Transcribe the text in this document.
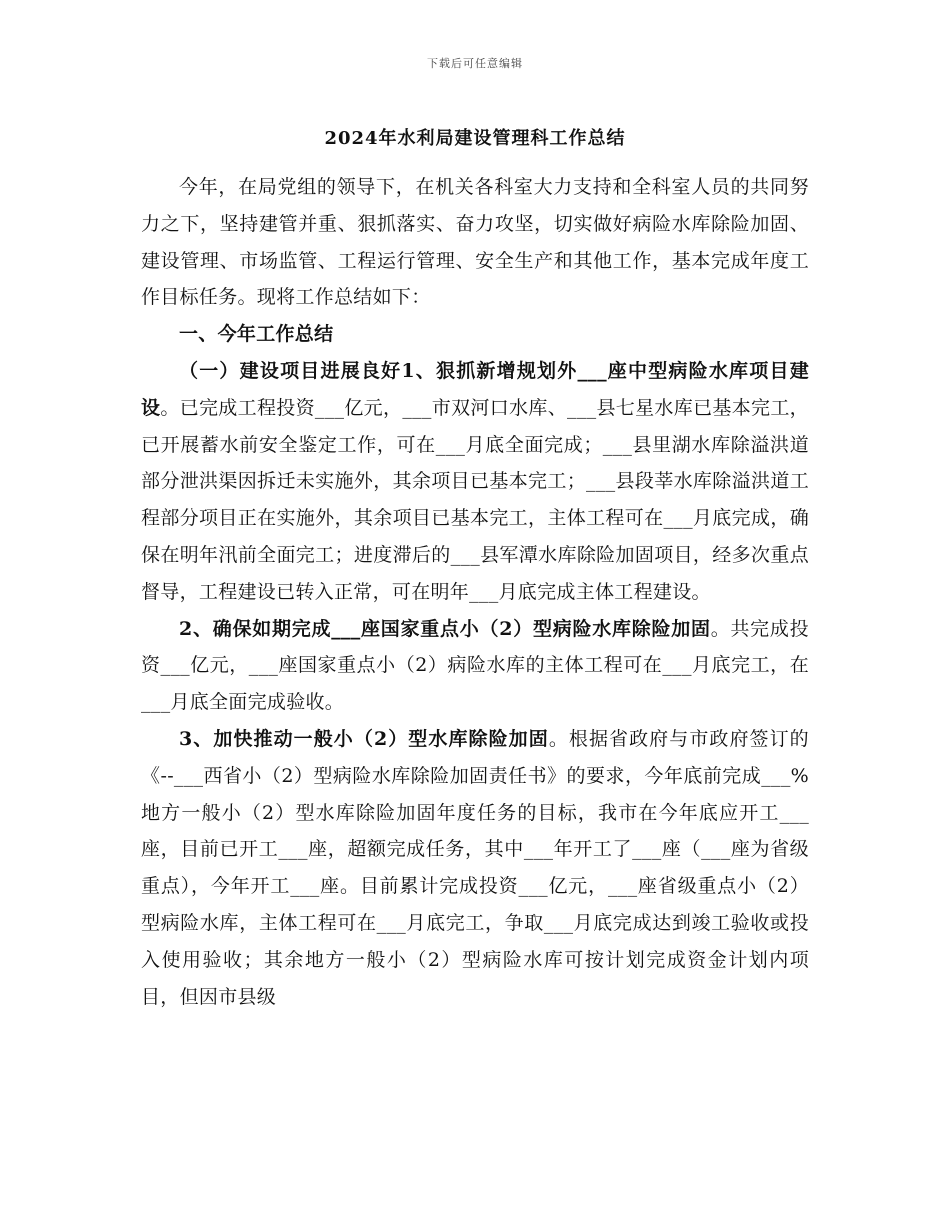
下载后可任意编辑
2024年水利局建设管理科工作总结

今年，在局党组的领导下，在机关各科室大力支持和全科室人员的共同努力之下，坚持建管并重、狠抓落实、奋力攻坚，切实做好病险水库除险加固、建设管理、市场监管、工程运行管理、安全生产和其他工作，基本完成年度工作目标任务。现将工作总结如下：

一、今年工作总结

（一）建设项目进展良好1、狠抓新增规划外___座中型病险水库项目建设。已完成工程投资___亿元，___市双河口水库、___县七星水库已基本完工，已开展蓄水前安全鉴定工作，可在___月底全面完成；___县里湖水库除溢洪道部分泄洪渠因拆迁未实施外，其余项目已基本完工；___县段莘水库除溢洪道工程部分项目正在实施外，其余项目已基本完工，主体工程可在___月底完成，确保在明年汛前全面完工；进度滞后的___县军潭水库除险加固项目，经多次重点督导，工程建设已转入正常，可在明年___月底完成主体工程建设。

2、确保如期完成___座国家重点小（2）型病险水库除险加固。共完成投资___亿元，___座国家重点小（2）病险水库的主体工程可在___月底完工，在___月底全面完成验收。

3、加快推动一般小（2）型水库除险加固。根据省政府与市政府签订的《--___西省小（2）型病险水库除险加固责任书》的要求，今年底前完成___%地方一般小（2）型水库除险加固年度任务的目标，我市在今年底应开工___座，目前已开工___座，超额完成任务，其中___年开工了___座（___座为省级重点），今年开工___座。目前累计完成投资___亿元，___座省级重点小（2）型病险水库，主体工程可在___月底完工，争取___月底完成达到竣工验收或投入使用验收；其余地方一般小（2）型病险水库可按计划完成资金计划内项目，但因市县级
